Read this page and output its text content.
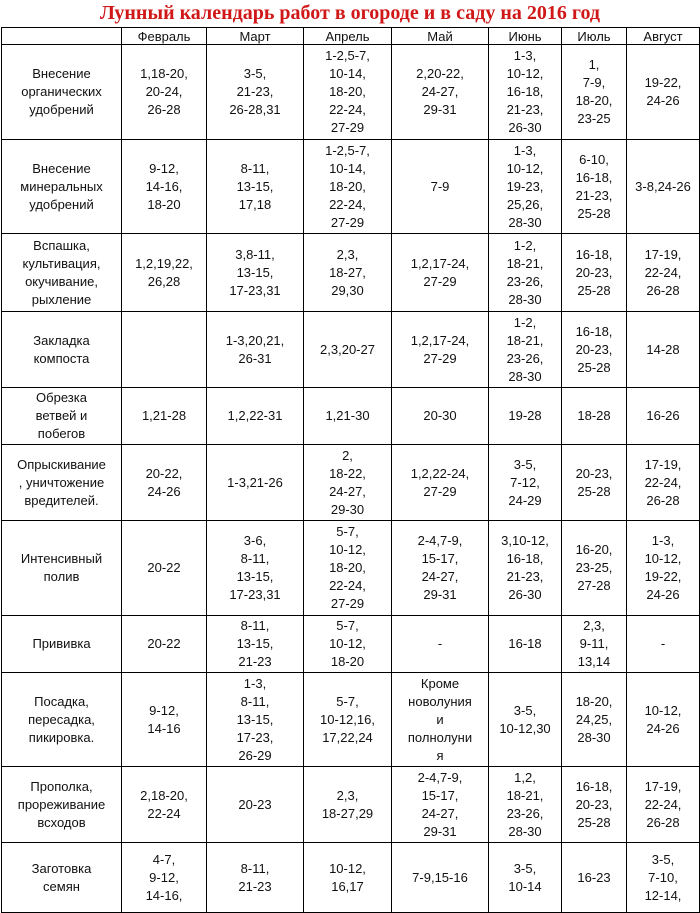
Лунный календарь работ в огороде и в саду на 2016 год
	Февраль	Март	Апрель	Май	Июнь	Июль	Август

Внесение
органических
удобрений	1,18-20,
20-24,
26-28	3-5,
21-23,
26-28,31	1-2,5-7,
10-14,
18-20,
22-24,
27-29	2,20-22,
24-27,
29-31	1-3,
10-12,
16-18,
21-23,
26-30	1,
7-9,
18-20,
23-25	19-22,
24-26

Внесение
минеральных
удобрений	9-12,
14-16,
18-20	8-11,
13-15,
17,18	1-2,5-7,
10-14,
18-20,
22-24,
27-29	7-9	1-3,
10-12,
19-23,
25,26,
28-30	6-10,
16-18,
21-23,
25-28	3-8,24-26

Вспашка,
культивация,
окучивание,
рыхление	1,2,19,22,
26,28	3,8-11,
13-15,
17-23,31	2,3,
18-27,
29,30	1,2,17-24,
27-29	1-2,
18-21,
23-26,
28-30	16-18,
20-23,
25-28	17-19,
22-24,
26-28

Закладка
компоста		1-3,20,21,
26-31	2,3,20-27	1,2,17-24,
27-29	1-2,
18-21,
23-26,
28-30	16-18,
20-23,
25-28	14-28

Обрезка
ветвей и
побегов	1,21-28	1,2,22-31	1,21-30	20-30	19-28	18-28	16-26

Опрыскивание
, уничтожение
вредителей.	20-22,
24-26	1-3,21-26	2,
18-22,
24-27,
29-30	1,2,22-24,
27-29	3-5,
7-12,
24-29	20-23,
25-28	17-19,
22-24,
26-28

Интенсивный
полив	20-22	3-6,
8-11,
13-15,
17-23,31	5-7,
10-12,
18-20,
22-24,
27-29	2-4,7-9,
15-17,
24-27,
29-31	3,10-12,
16-18,
21-23,
26-30	16-20,
23-25,
27-28	1-3,
10-12,
19-22,
24-26

Прививка	20-22	8-11,
13-15,
21-23	5-7,
10-12,
18-20	-	16-18	2,3,
9-11,
13,14	-

Посадка,
пересадка,
пикировка.	9-12,
14-16	1-3,
8-11,
13-15,
17-23,
26-29	5-7,
10-12,16,
17,22,24	Кроме
новолуния
и
полнолуни
я	3-5,
10-12,30	18-20,
24,25,
28-30	10-12,
24-26

Прополка,
прореживание
всходов	2,18-20,
22-24	20-23	2,3,
18-27,29	2-4,7-9,
15-17,
24-27,
29-31	1,2,
18-21,
23-26,
28-30	16-18,
20-23,
25-28	17-19,
22-24,
26-28

Заготовка
семян	4-7,
9-12,
14-16,	8-11,
21-23	10-12,
16,17	7-9,15-16	3-5,
10-14	16-23	3-5,
7-10,
12-14,
